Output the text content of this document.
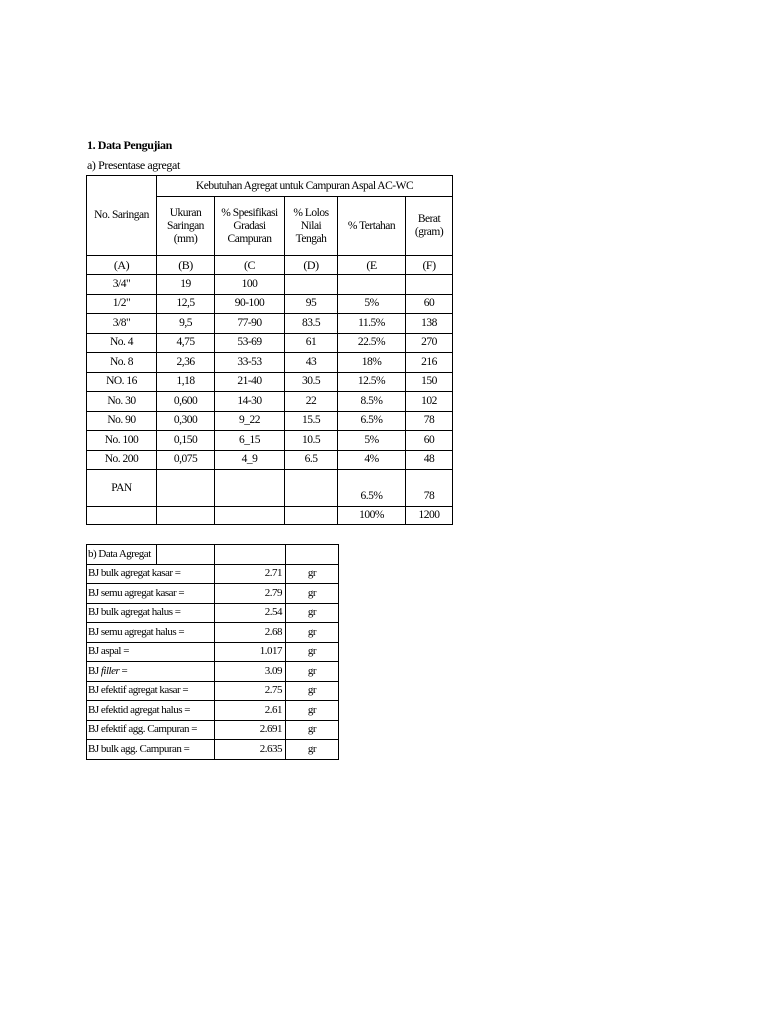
1. Data Pengujian
a) Presentase agregat
No. Saringan	Kebutuhan Agregat untuk Campuran Aspal AC-WC				
	Ukuran Saringan (mm)	% Spesifikasi Gradasi Campuran	% Lolos Nilai Tengah	% Tertahan	Berat (gram)
(A)	(B)	(C	(D)	(E	(F)
3/4"	19	100			
1/2"	12,5	90-100	95	5%	60
3/8"	9,5	77-90	83.5	11.5%	138
No. 4	4,75	53-69	61	22.5%	270
No. 8	2,36	33-53	43	18%	216
NO. 16	1,18	21-40	30.5	12.5%	150
No. 30	0,600	14-30	22	8.5%	102
No. 90	0,300	9_22	15.5	6.5%	78
No. 100	0,150	6_15	10.5	5%	60
No. 200	0,075	4_9	6.5	4%	48
PAN				6.5%	78
				100%	1200
b) Data Agregat			
BJ bulk agregat kasar =		2.71	gr
BJ semu agregat kasar =		2.79	gr
BJ bulk agregat halus =		2.54	gr
BJ semu agregat halus =		2.68	gr
BJ aspal =		1.017	gr
BJ filler =		3.09	gr
BJ efektif agregat kasar =		2.75	gr
BJ efektid agregat halus =		2.61	gr
BJ efektif agg. Campuran =		2.691	gr
BJ bulk agg. Campuran =		2.635	gr
